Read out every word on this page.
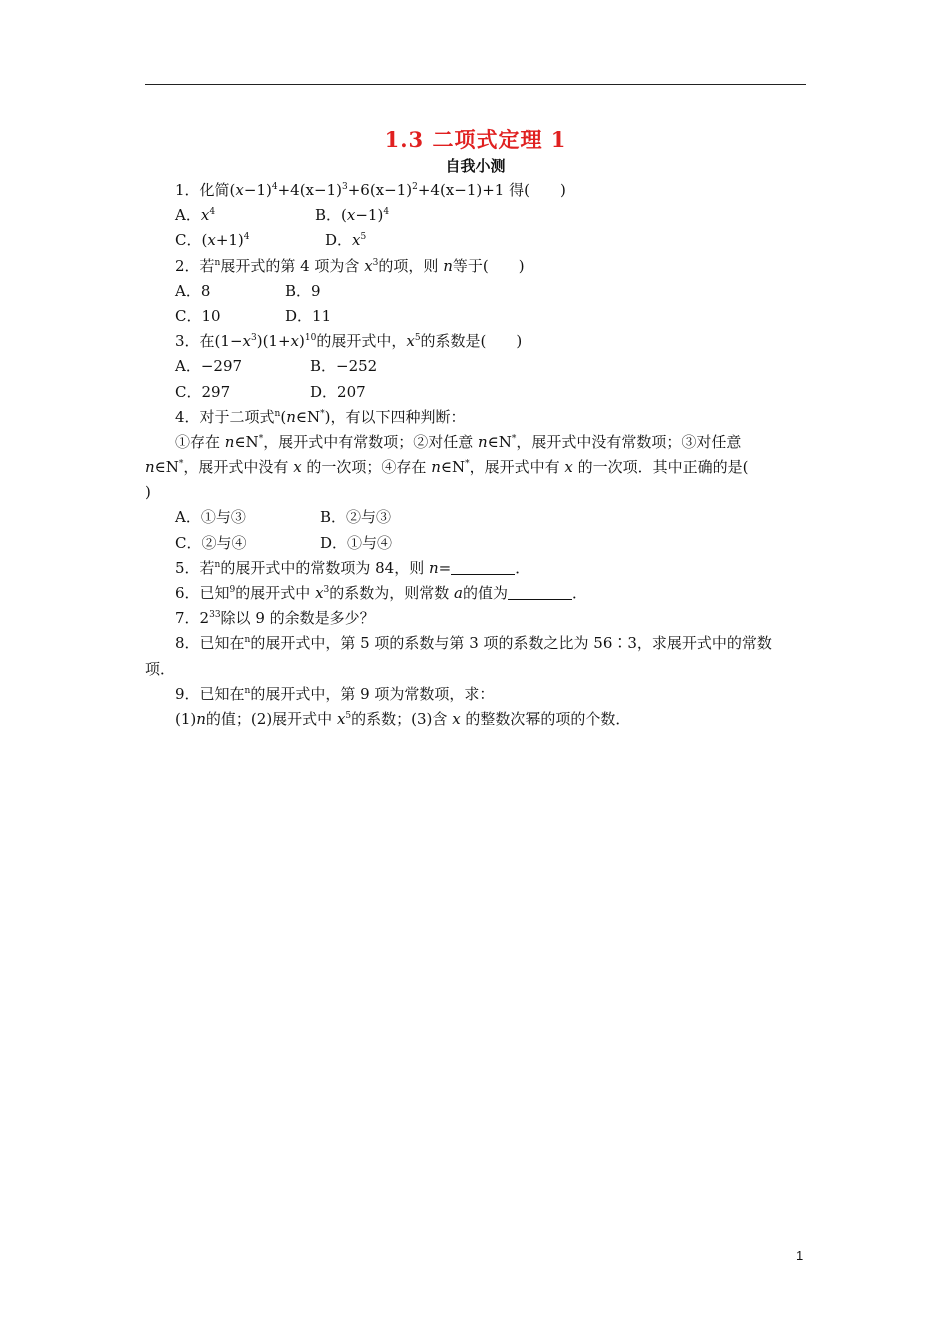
1.3 二项式定理 1
自我小测
1．化简$(x-1)^4+4(x-1)^3+6(x-1)^2+4(x-1)+1$ 得(　　)
A．$x^4$	B．$(x-1)^4$
C．$(x+1)^4$	D．$x^5$
2．若$^n$展开式的第 4 项为含 $x^3$的项，则 n等于(　　)
A．8	B．9
C．10	D．11
3．在$(1-x^3)(1+x)^{10}$的展开式中，$x^5$的系数是(　　)
A．−297	B．−252
C．297	D．207
4．对于二项式$^n$(n∈N*)，有以下四种判断：
①存在 n∈N*，展开式中有常数项；②对任意 n∈N*，展开式中没有常数项；③对任意
n∈N*，展开式中没有 x 的一次项；④存在 n∈N*，展开式中有 x 的一次项．其中正确的是(
)
A．①与③	B．②与③
C．②与④	D．①与④
5．若$^n$的展开式中的常数项为 84，则 n=	．
6．已知$^9$的展开式中 $x^3$的系数为，则常数 a的值为	．
7．$2^{33}$除以 9 的余数是多少？
8．已知在$^n$的展开式中，第 5 项的系数与第 3 项的系数之比为 56∶3，求展开式中的常数
项．
9．已知在$^n$的展开式中，第 9 项为常数项，求：
(1)n的值；(2)展开式中 $x^5$的系数；(3)含 x 的整数次幂的项的个数．
1
